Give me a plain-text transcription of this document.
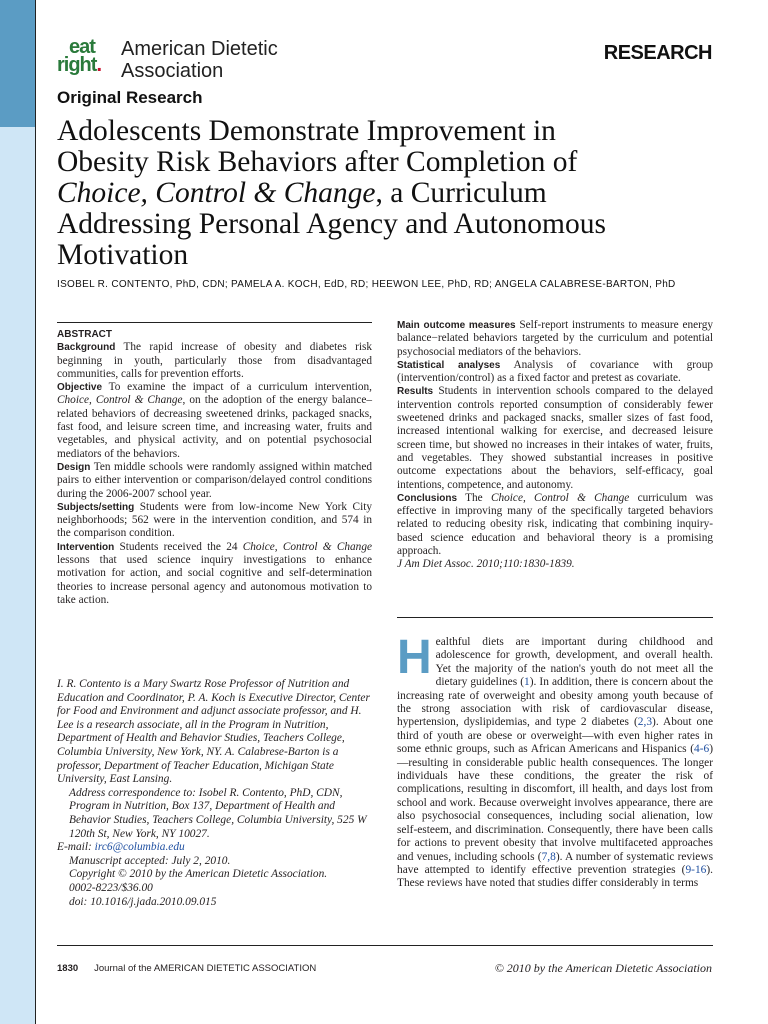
eat
right.
American Dietetic
Association
RESEARCH
Original Research
Adolescents Demonstrate Improvement in
Obesity Risk Behaviors after Completion of
Choice, Control & Change, a Curriculum
Addressing Personal Agency and Autonomous
Motivation
ISOBEL R. CONTENTO, PhD, CDN; PAMELA A. KOCH, EdD, RD; HEEWON LEE, PhD, RD; ANGELA CALABRESE-BARTON, PhD
ABSTRACT

Background The rapid increase of obesity and diabetes risk beginning in youth, particularly those from disadvantaged communities, calls for prevention efforts.

Objective To examine the impact of a curriculum intervention, Choice, Control & Change, on the adoption of the energy balance–related behaviors of decreasing sweetened drinks, packaged snacks, fast food, and leisure screen time, and increasing water, fruits and vegetables, and physical activity, and on potential psychosocial mediators of the behaviors.

Design Ten middle schools were randomly assigned within matched pairs to either intervention or comparison/delayed control conditions during the 2006-2007 school year.

Subjects/setting Students were from low-income New York City neighborhoods; 562 were in the intervention condition, and 574 in the comparison condition.

Intervention Students received the 24 Choice, Control & Change lessons that used science inquiry investigations to enhance motivation for action, and social cognitive and self-determination theories to increase personal agency and autonomous motivation to take action.

Main outcome measures Self-report instruments to measure energy balance−related behaviors targeted by the curriculum and potential psychosocial mediators of the behaviors.

Statistical analyses Analysis of covariance with group (intervention/control) as a fixed factor and pretest as covariate.

Results Students in intervention schools compared to the delayed intervention controls reported consumption of considerably fewer sweetened drinks and packaged snacks, smaller sizes of fast food, increased intentional walking for exercise, and decreased leisure screen time, but showed no increases in their intakes of water, fruits, and vegetables. They showed substantial increases in positive outcome expectations about the behaviors, self-efficacy, goal intentions, competence, and autonomy.

Conclusions The Choice, Control & Change curriculum was effective in improving many of the specifically targeted behaviors related to reducing obesity risk, indicating that combining inquiry-based science education and behavioral theory is a promising approach.

J Am Diet Assoc. 2010;110:1830-1839.

I. R. Contento is a Mary Swartz Rose Professor of Nutrition and Education and Coordinator, P. A. Koch is Executive Director, Center for Food and Environment and adjunct associate professor, and H. Lee is a research associate, all in the Program in Nutrition, Department of Health and Behavior Studies, Teachers College, Columbia University, New York, NY. A. Calabrese-Barton is a professor, Department of Teacher Education, Michigan State University, East Lansing.

Address correspondence to: Isobel R. Contento, PhD, CDN, Program in Nutrition, Box 137, Department of Health and Behavior Studies, Teachers College, Columbia University, 525 W 120th St, New York, NY 10027.

E-mail: irc6@columbia.edu

Manuscript accepted: July 2, 2010.

Copyright © 2010 by the American Dietetic Association.

0002-8223/$36.00

doi: 10.1016/j.jada.2010.09.015

Healthful diets are important during childhood and adolescence for growth, development, and overall health. Yet the majority of the nation's youth do not meet all the dietary guidelines (1). In addition, there is concern about the increasing rate of overweight and obesity among youth because of the strong association with risk of cardiovascular disease, hypertension, dyslipidemias, and type 2 diabetes (2,3). About one third of youth are obese or overweight—with even higher rates in some ethnic groups, such as African Americans and Hispanics (4-6)—resulting in considerable public health consequences. The longer individuals have these conditions, the greater the risk of complications, resulting in discomfort, ill health, and days lost from school and work. Because overweight involves appearance, there are also psychosocial consequences, including social alienation, low self-esteem, and discrimination. Consequently, there have been calls for actions to prevent obesity that involve multifaceted approaches and venues, including schools (7,8). A number of systematic reviews have attempted to identify effective prevention strategies (9-16). These reviews have noted that studies differ considerably in terms
1830 Journal of the AMERICAN DIETETIC ASSOCIATION	© 2010 by the American Dietetic Association
